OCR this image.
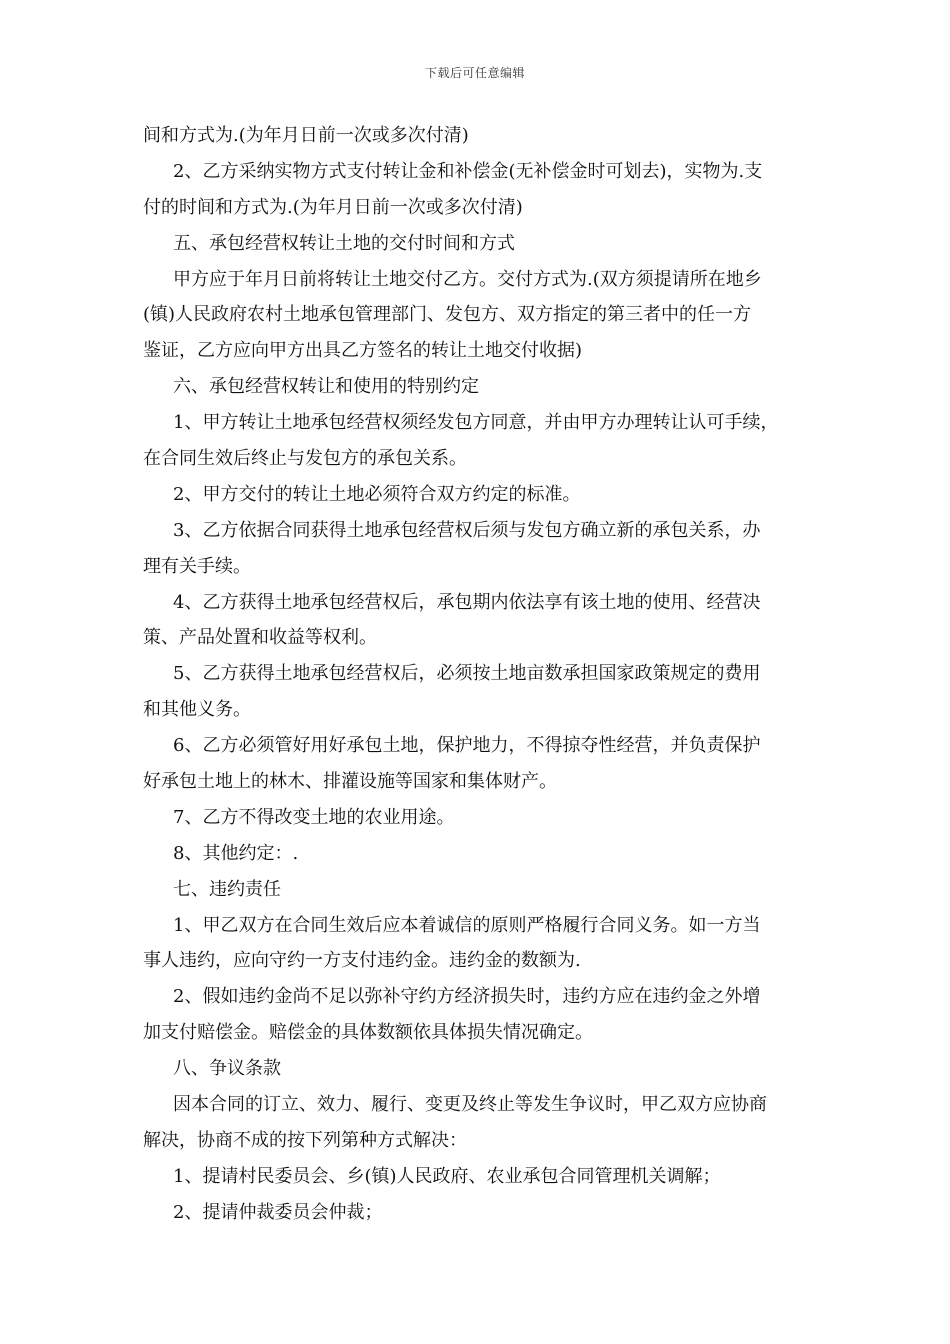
下载后可任意编辑
间和方式为.(为年月日前一次或多次付清)
2、乙方采纳实物方式支付转让金和补偿金(无补偿金时可划去)，实物为.支
付的时间和方式为.(为年月日前一次或多次付清)
五、承包经营权转让土地的交付时间和方式
甲方应于年月日前将转让土地交付乙方。交付方式为.(双方须提请所在地乡
(镇)人民政府农村土地承包管理部门、发包方、双方指定的第三者中的任一方
鉴证，乙方应向甲方出具乙方签名的转让土地交付收据)
六、承包经营权转让和使用的特别约定
1、甲方转让土地承包经营权须经发包方同意，并由甲方办理转让认可手续，
在合同生效后终止与发包方的承包关系。
2、甲方交付的转让土地必须符合双方约定的标准。
3、乙方依据合同获得土地承包经营权后须与发包方确立新的承包关系，办
理有关手续。
4、乙方获得土地承包经营权后，承包期内依法享有该土地的使用、经营决
策、产品处置和收益等权利。
5、乙方获得土地承包经营权后，必须按土地亩数承担国家政策规定的费用
和其他义务。
6、乙方必须管好用好承包土地，保护地力，不得掠夺性经营，并负责保护
好承包土地上的林木、排灌设施等国家和集体财产。
7、乙方不得改变土地的农业用途。
8、其他约定：.
七、违约责任
1、甲乙双方在合同生效后应本着诚信的原则严格履行合同义务。如一方当
事人违约，应向守约一方支付违约金。违约金的数额为.
2、假如违约金尚不足以弥补守约方经济损失时，违约方应在违约金之外增
加支付赔偿金。赔偿金的具体数额依具体损失情况确定。
八、争议条款
因本合同的订立、效力、履行、变更及终止等发生争议时，甲乙双方应协商
解决，协商不成的按下列第种方式解决：
1、提请村民委员会、乡(镇)人民政府、农业承包合同管理机关调解；
2、提请仲裁委员会仲裁；
